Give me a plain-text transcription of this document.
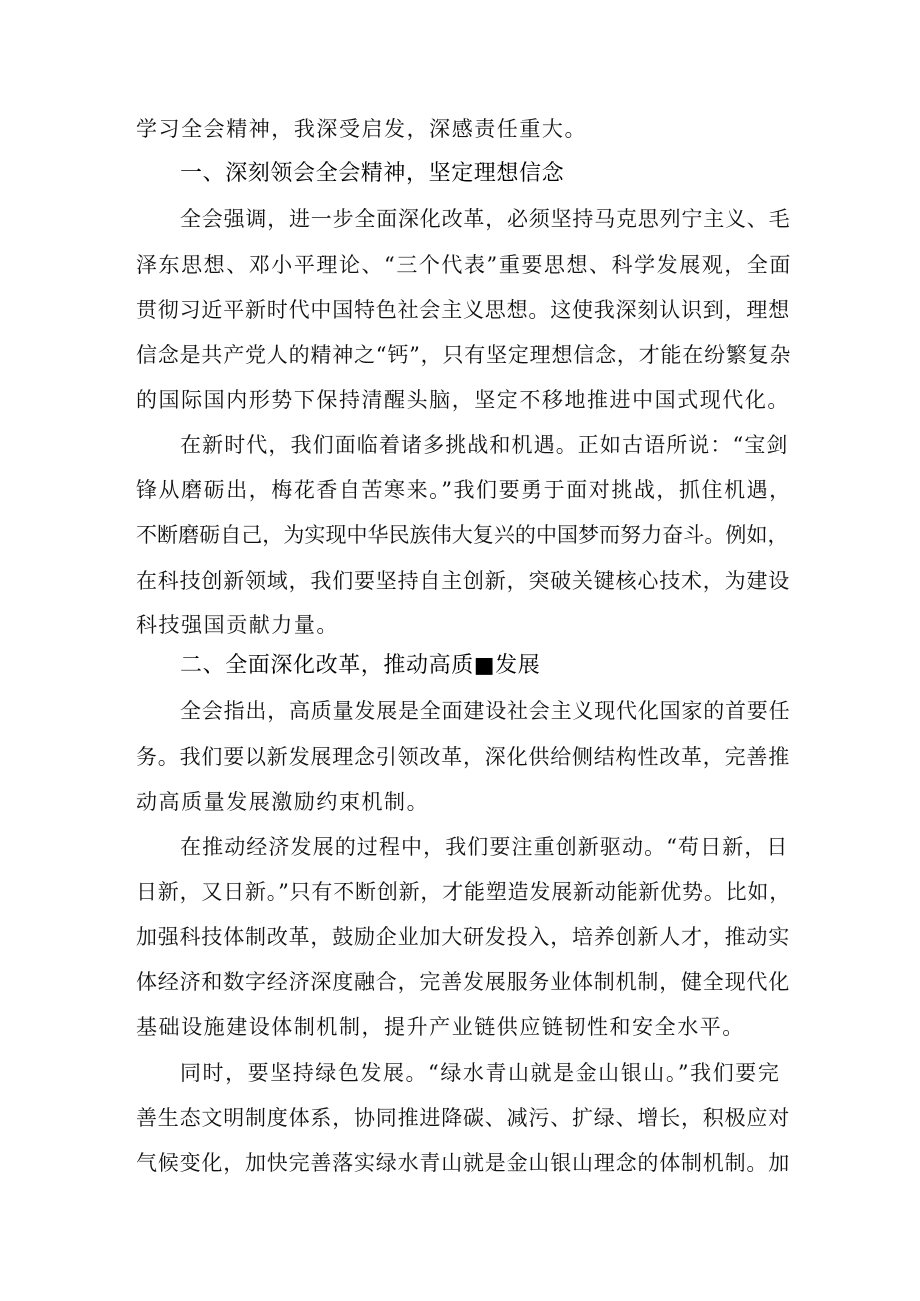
学习全会精神，我深受启发，深感责任重大。
一、深刻领会全会精神，坚定理想信念
全会强调，进一步全面深化改革，必须坚持马克思列宁主义、毛
泽东思想、邓小平理论、“三个代表”重要思想、科学发展观，全面
贯彻习近平新时代中国特色社会主义思想。这使我深刻认识到，理想
信念是共产党人的精神之“钙”，只有坚定理想信念，才能在纷繁复杂
的国际国内形势下保持清醒头脑，坚定不移地推进中国式现代化。
在新时代，我们面临着诸多挑战和机遇。正如古语所说：“宝剑
锋从磨砺出，梅花香自苦寒来。”我们要勇于面对挑战，抓住机遇，
不断磨砺自己，为实现中华民族伟大复兴的中国梦而努力奋斗。例如，
在科技创新领域，我们要坚持自主创新，突破关键核心技术，为建设
科技强国贡献力量。
二、全面深化改革，推动高质■发展
全会指出，高质量发展是全面建设社会主义现代化国家的首要任
务。我们要以新发展理念引领改革，深化供给侧结构性改革，完善推
动高质量发展激励约束机制。
在推动经济发展的过程中，我们要注重创新驱动。“苟日新，日
日新，又日新。”只有不断创新，才能塑造发展新动能新优势。比如，
加强科技体制改革，鼓励企业加大研发投入，培养创新人才，推动实
体经济和数字经济深度融合，完善发展服务业体制机制，健全现代化
基础设施建设体制机制，提升产业链供应链韧性和安全水平。
同时，要坚持绿色发展。“绿水青山就是金山银山。”我们要完
善生态文明制度体系，协同推进降碳、减污、扩绿、增长，积极应对
气候变化，加快完善落实绿水青山就是金山银山理念的体制机制。加
